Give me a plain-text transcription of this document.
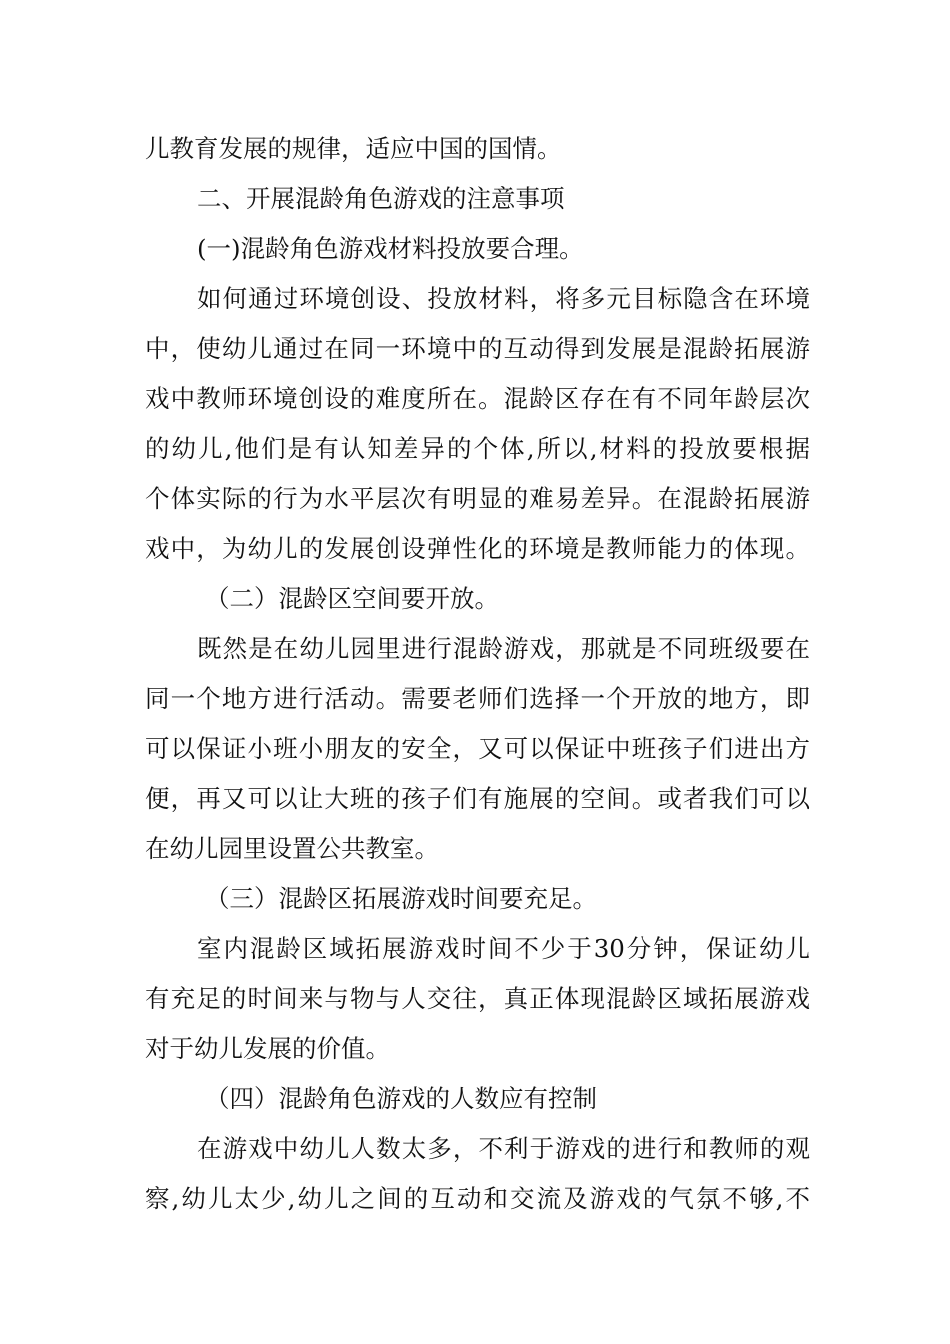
儿教育发展的规律，适应中国的国情。
二、开展混龄角色游戏的注意事项
(一)混龄角色游戏材料投放要合理。
如何通过环境创设、投放材料，将多元目标隐含在环境
中，使幼儿通过在同一环境中的互动得到发展是混龄拓展游
戏中教师环境创设的难度所在。混龄区存在有不同年龄层次
的幼儿,他们是有认知差异的个体,所以,材料的投放要根据
个体实际的行为水平层次有明显的难易差异。在混龄拓展游
戏中，为幼儿的发展创设弹性化的环境是教师能力的体现。
（二）混龄区空间要开放。
既然是在幼儿园里进行混龄游戏，那就是不同班级要在
同一个地方进行活动。需要老师们选择一个开放的地方，即
可以保证小班小朋友的安全，又可以保证中班孩子们进出方
便，再又可以让大班的孩子们有施展的空间。或者我们可以
在幼儿园里设置公共教室。
（三）混龄区拓展游戏时间要充足。
室内混龄区域拓展游戏时间不少于30分钟，保证幼儿
有充足的时间来与物与人交往，真正体现混龄区域拓展游戏
对于幼儿发展的价值。
（四）混龄角色游戏的人数应有控制
在游戏中幼儿人数太多，不利于游戏的进行和教师的观
察,幼儿太少,幼儿之间的互动和交流及游戏的气氛不够,不
